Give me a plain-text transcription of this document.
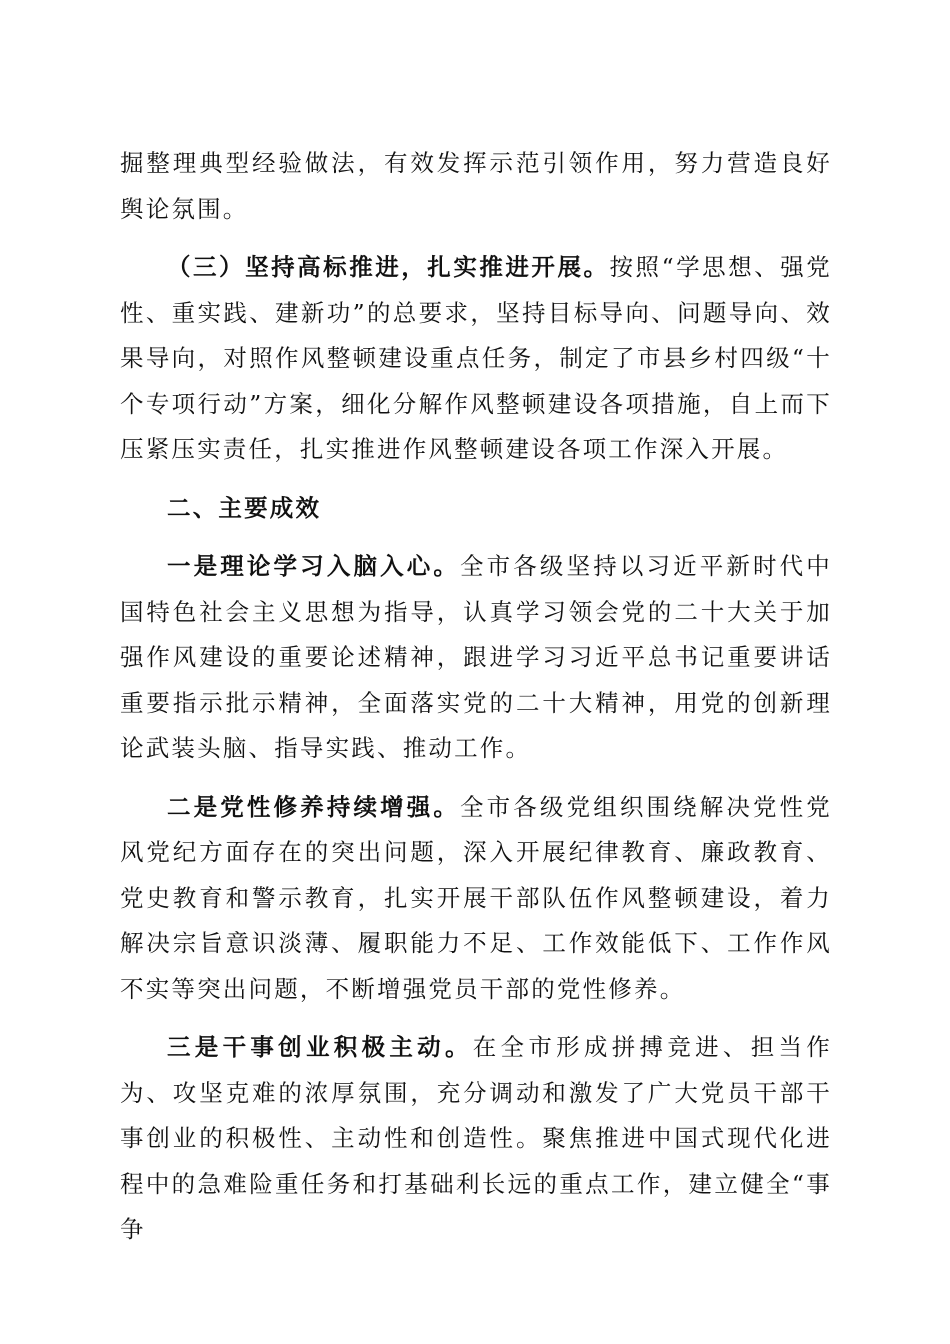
掘整理典型经验做法，有效发挥示范引领作用，努力营造良好舆论氛围。

（三）坚持高标推进，扎实推进开展。按照“学思想、强党性、重实践、建新功”的总要求，坚持目标导向、问题导向、效果导向，对照作风整顿建设重点任务，制定了市县乡村四级“十个专项行动”方案，细化分解作风整顿建设各项措施，自上而下压紧压实责任，扎实推进作风整顿建设各项工作深入开展。

二、主要成效

一是理论学习入脑入心。全市各级坚持以习近平新时代中国特色社会主义思想为指导，认真学习领会党的二十大关于加强作风建设的重要论述精神，跟进学习习近平总书记重要讲话重要指示批示精神，全面落实党的二十大精神，用党的创新理论武装头脑、指导实践、推动工作。

二是党性修养持续增强。全市各级党组织围绕解决党性党风党纪方面存在的突出问题，深入开展纪律教育、廉政教育、党史教育和警示教育，扎实开展干部队伍作风整顿建设，着力解决宗旨意识淡薄、履职能力不足、工作效能低下、工作作风不实等突出问题，不断增强党员干部的党性修养。

三是干事创业积极主动。在全市形成拼搏竞进、担当作为、攻坚克难的浓厚氛围，充分调动和激发了广大党员干部干事创业的积极性、主动性和创造性。聚焦推进中国式现代化进程中的急难险重任务和打基础利长远的重点工作，建立健全“事争
